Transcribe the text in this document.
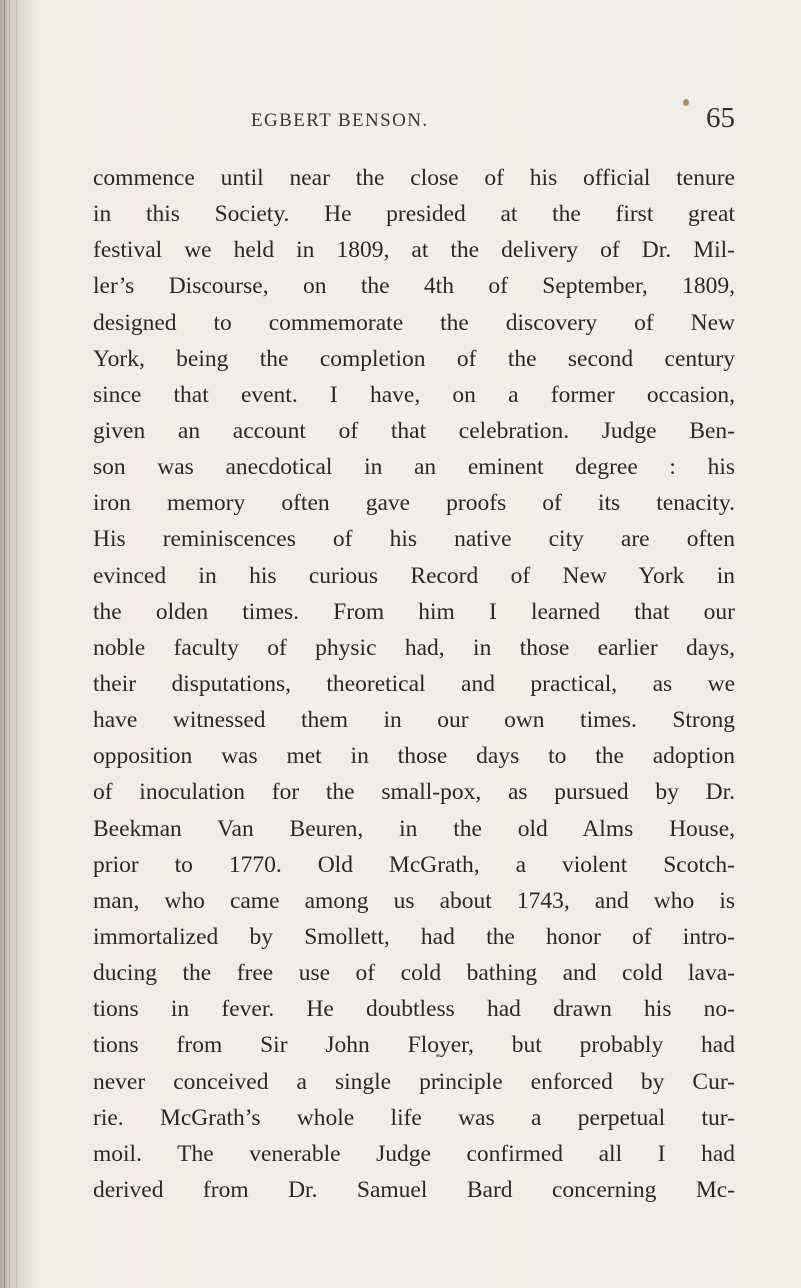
EGBERT BENSON.	65
commence until near the close of his official tenure
in this Society. He presided at the first great
festival we held in 1809, at the delivery of Dr. Mil-
ler’s Discourse, on the 4th of September, 1809,
designed to commemorate the discovery of New
York, being the completion of the second century
since that event. I have, on a former occasion,
given an account of that celebration. Judge Ben-
son was anecdotical in an eminent degree : his
iron memory often gave proofs of its tenacity.
His reminiscences of his native city are often
evinced in his curious Record of New York in
the olden times. From him I learned that our
noble faculty of physic had, in those earlier days,
their disputations, theoretical and practical, as we
have witnessed them in our own times. Strong
opposition was met in those days to the adoption
of inoculation for the small-pox, as pursued by Dr.
Beekman Van Beuren, in the old Alms House,
prior to 1770. Old McGrath, a violent Scotch-
man, who came among us about 1743, and who is
immortalized by Smollett, had the honor of intro-
ducing the free use of cold bathing and cold lava-
tions in fever. He doubtless had drawn his no-
tions from Sir John Floyer, but probably had
never conceived a single principle enforced by Cur-
rie. McGrath’s whole life was a perpetual tur-
moil. The venerable Judge confirmed all I had
derived from Dr. Samuel Bard concerning Mc-
